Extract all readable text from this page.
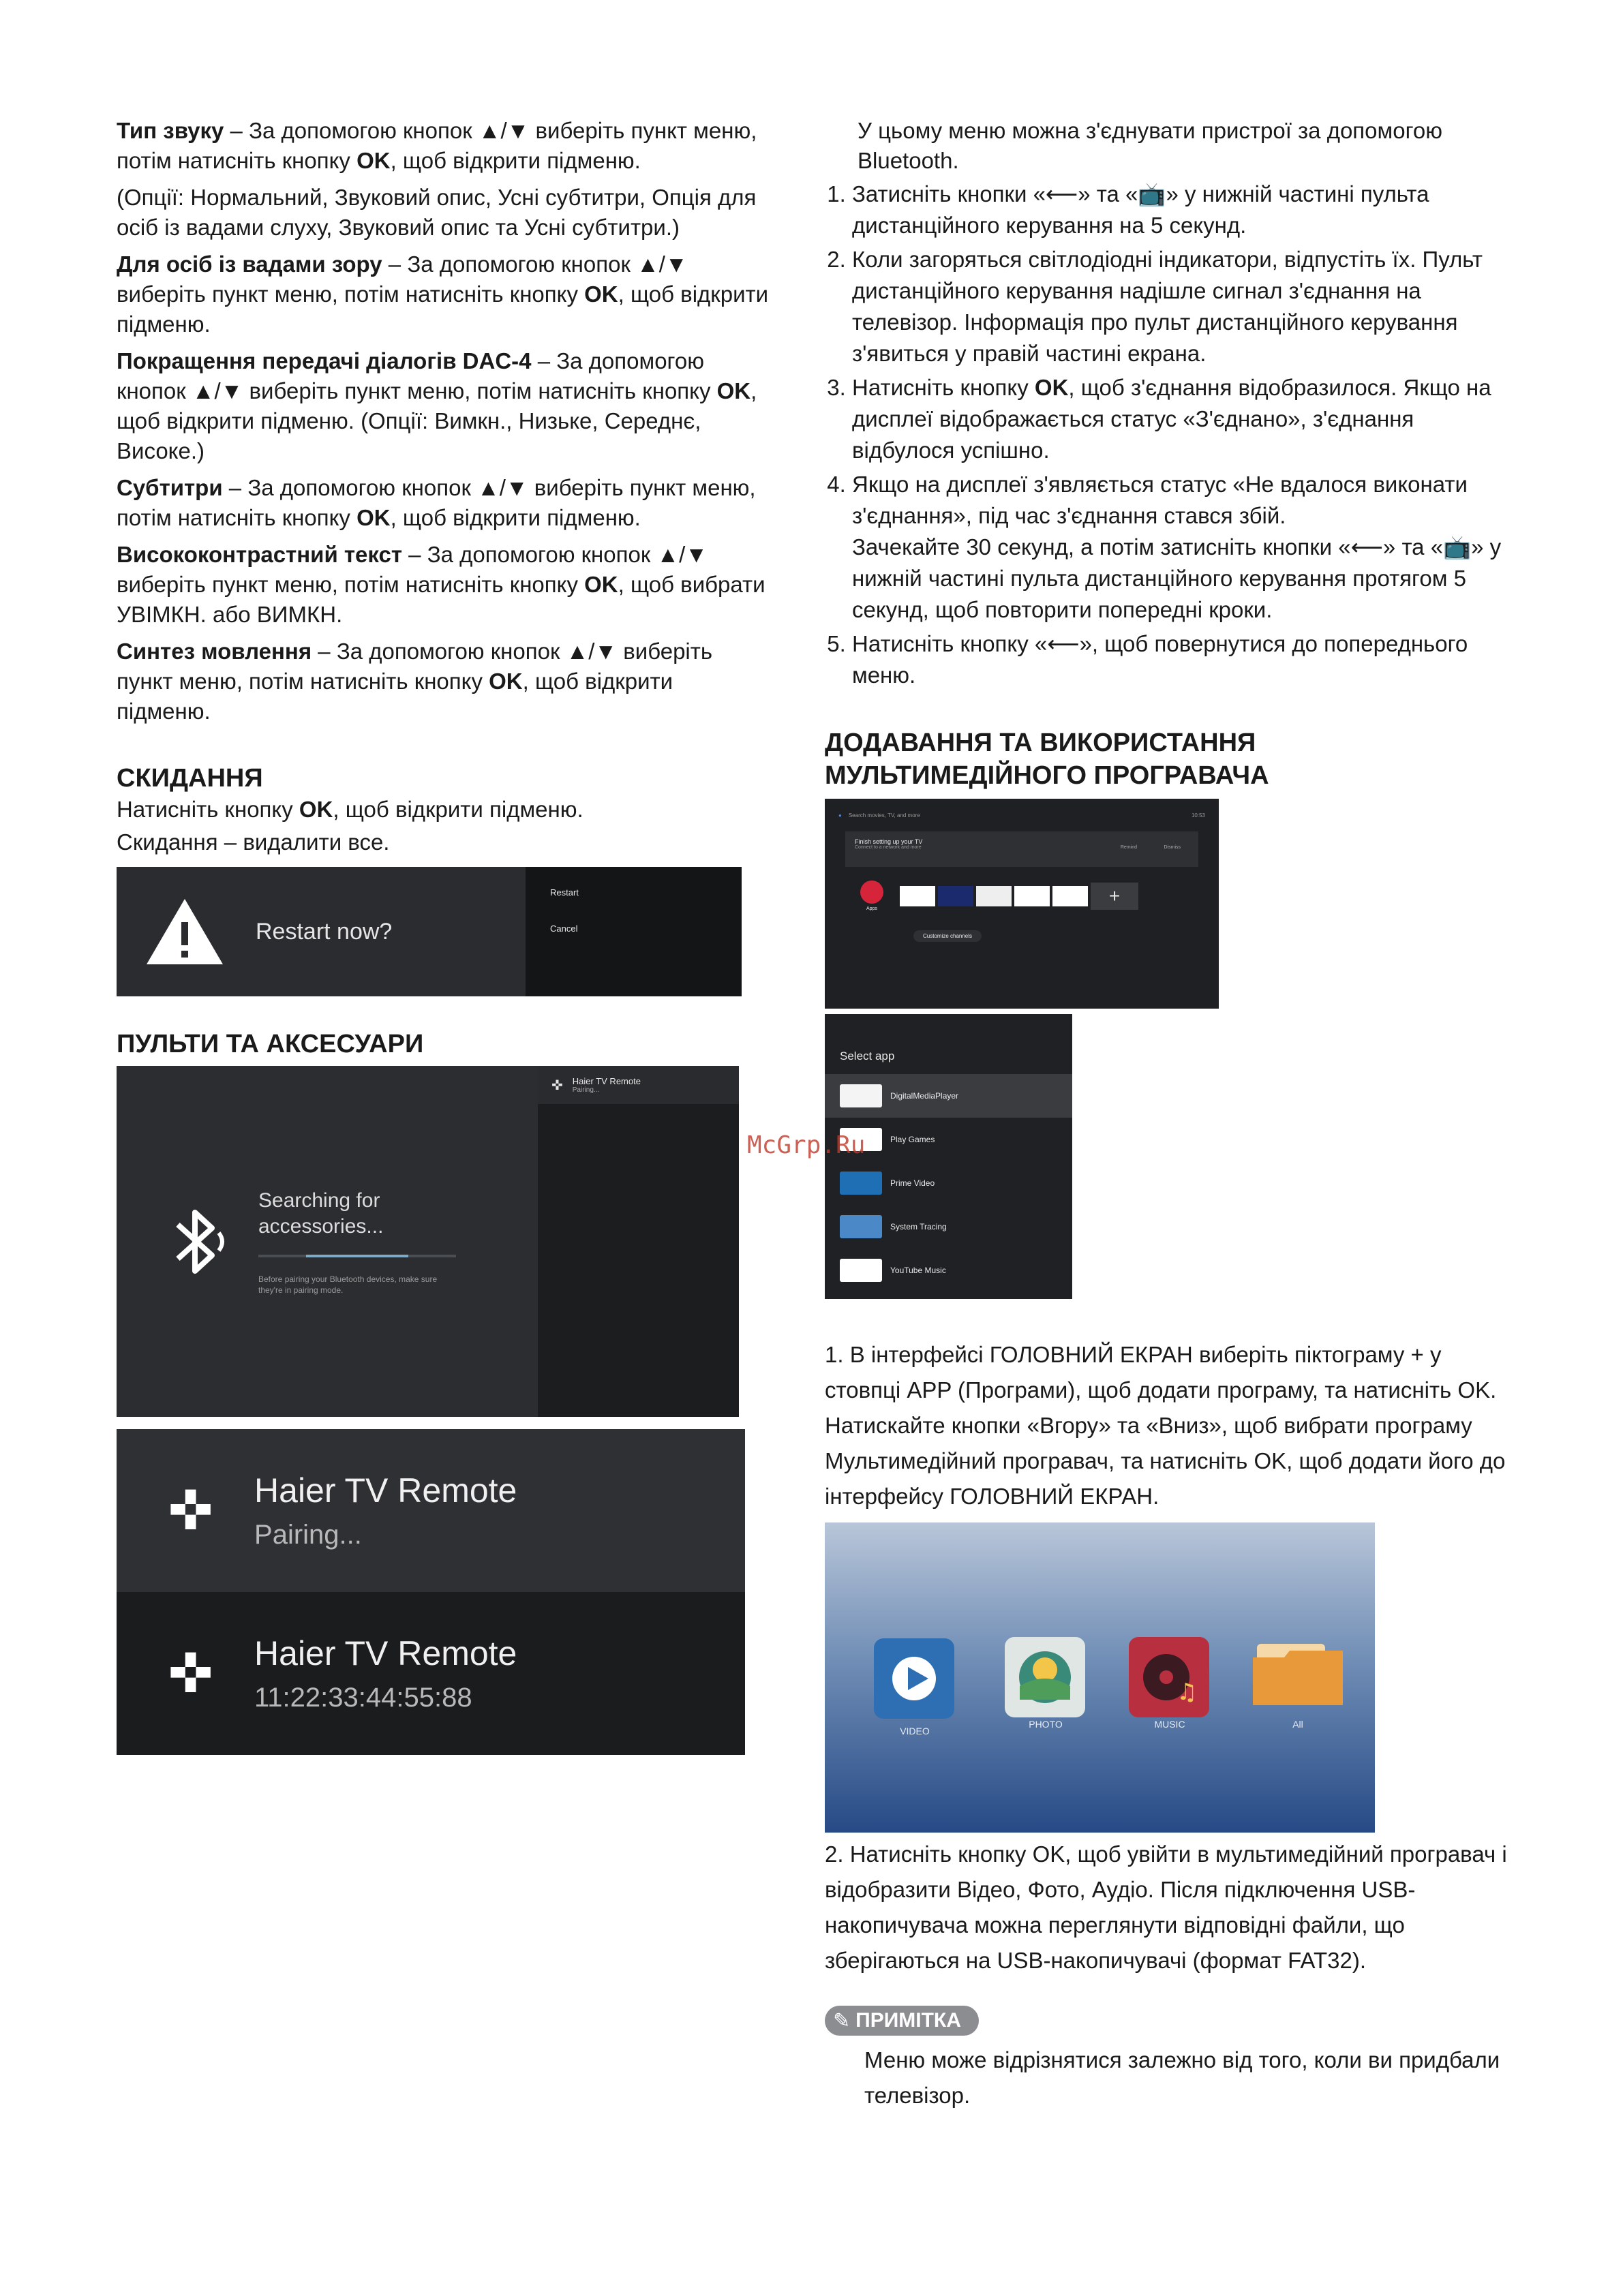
Тип звуку – За допомогою кнопок ▲/▼ виберіть пункт меню, потім натисніть кнопку OK, щоб відкрити підменю.

(Опції: Нормальний, Звуковий опис, Усні субтитри, Опція для осіб із вадами слуху, Звуковий опис та Усні субтитри.)

Для осіб із вадами зору – За допомогою кнопок ▲/▼ виберіть пункт меню, потім натисніть кнопку OK, щоб відкрити підменю.

Покращення передачі діалогів DAC-4 – За допомогою кнопок ▲/▼ виберіть пункт меню, потім натисніть кнопку OK, щоб відкрити підменю. (Опції: Вимкн., Низьке, Середнє, Високе.)

Субтитри – За допомогою кнопок ▲/▼ виберіть пункт меню, потім натисніть кнопку OK, щоб відкрити підменю.

Висококонтрастний текст – За допомогою кнопок ▲/▼ виберіть пункт меню, потім натисніть кнопку OK, щоб вибрати УВІМКН. або ВИМКН.

Синтез мовлення – За допомогою кнопок ▲/▼ виберіть пункт меню, потім натисніть кнопку OK, щоб відкрити підменю.

СКИДАННЯ

Натисніть кнопку OK, щоб відкрити підменю.

Скидання – видалити все.

Restart now?
Restart
Cancel
ПУЛЬТИ ТА АКСЕСУАРИ
Searching for accessories...
Before pairing your Bluetooth devices, make sure they're in pairing mode.
✜ Haier TV Remote
Pairing...
✜ Haier TV Remote
Pairing...
✜ Haier TV Remote
11:22:33:44:55:88

У цьому меню можна з'єднувати пристрої за допомогою Bluetooth.

1. Затисніть кнопки «⟵» та «📺» у нижній частині пульта дистанційного керування на 5 секунд.
2. Коли загоряться світлодіодні індикатори, відпустіть їх. Пульт дистанційного керування надішле сигнал з'єднання на телевізор. Інформація про пульт дистанційного керування з'явиться у правій частині екрана.
3. Натисніть кнопку OK, щоб з'єднання відобразилося. Якщо на дисплеї відображається статус «З'єднано», з'єднання відбулося успішно.
4. Якщо на дисплеї з'являється статус «Не вдалося виконати з'єднання», під час з'єднання стався збій.
Зачекайте 30 секунд, а потім затисніть кнопки «⟵» та «📺» у нижній частині пульта дистанційного керування протягом 5 секунд, щоб повторити попередні кроки.
5. Натисніть кнопку «⟵», щоб повернутися до попереднього меню.
ДОДАВАННЯ ТА ВИКОРИСТАННЯ МУЛЬТИМЕДІЙНОГО ПРОГРАВАЧА
● Search movies, TV, and more	10:53
Finish setting up your TV
Connect to a network and more	Remind	Dismiss
Apps
+
Customize channels
Select app
DigitalMediaPlayer
Play Games
Prime Video
System Tracing
YouTube Music

1. В інтерфейсі ГОЛОВНИЙ ЕКРАН виберіть піктограму + у стовпці APP (Програми), щоб додати програму, та натисніть OK. Натискайте кнопки «Вгору» та «Вниз», щоб вибрати програму Мультимедійний програвач, та натисніть OK, щоб додати його до інтерфейсу ГОЛОВНИЙ ЕКРАН.

VIDEO
PHOTO
♫
MUSIC	All

2. Натисніть кнопку OK, щоб увійти в мультимедійний програвач і відобразити Відео, Фото, Аудіо. Після підключення USB-накопичувача можна переглянути відповідні файли, що зберігаються на USB-накопичувачі (формат FAT32).

✎ ПРИМІТКА

Меню може відрізнятися залежно від того, коли ви придбали телевізор.

McGrp.Ru
